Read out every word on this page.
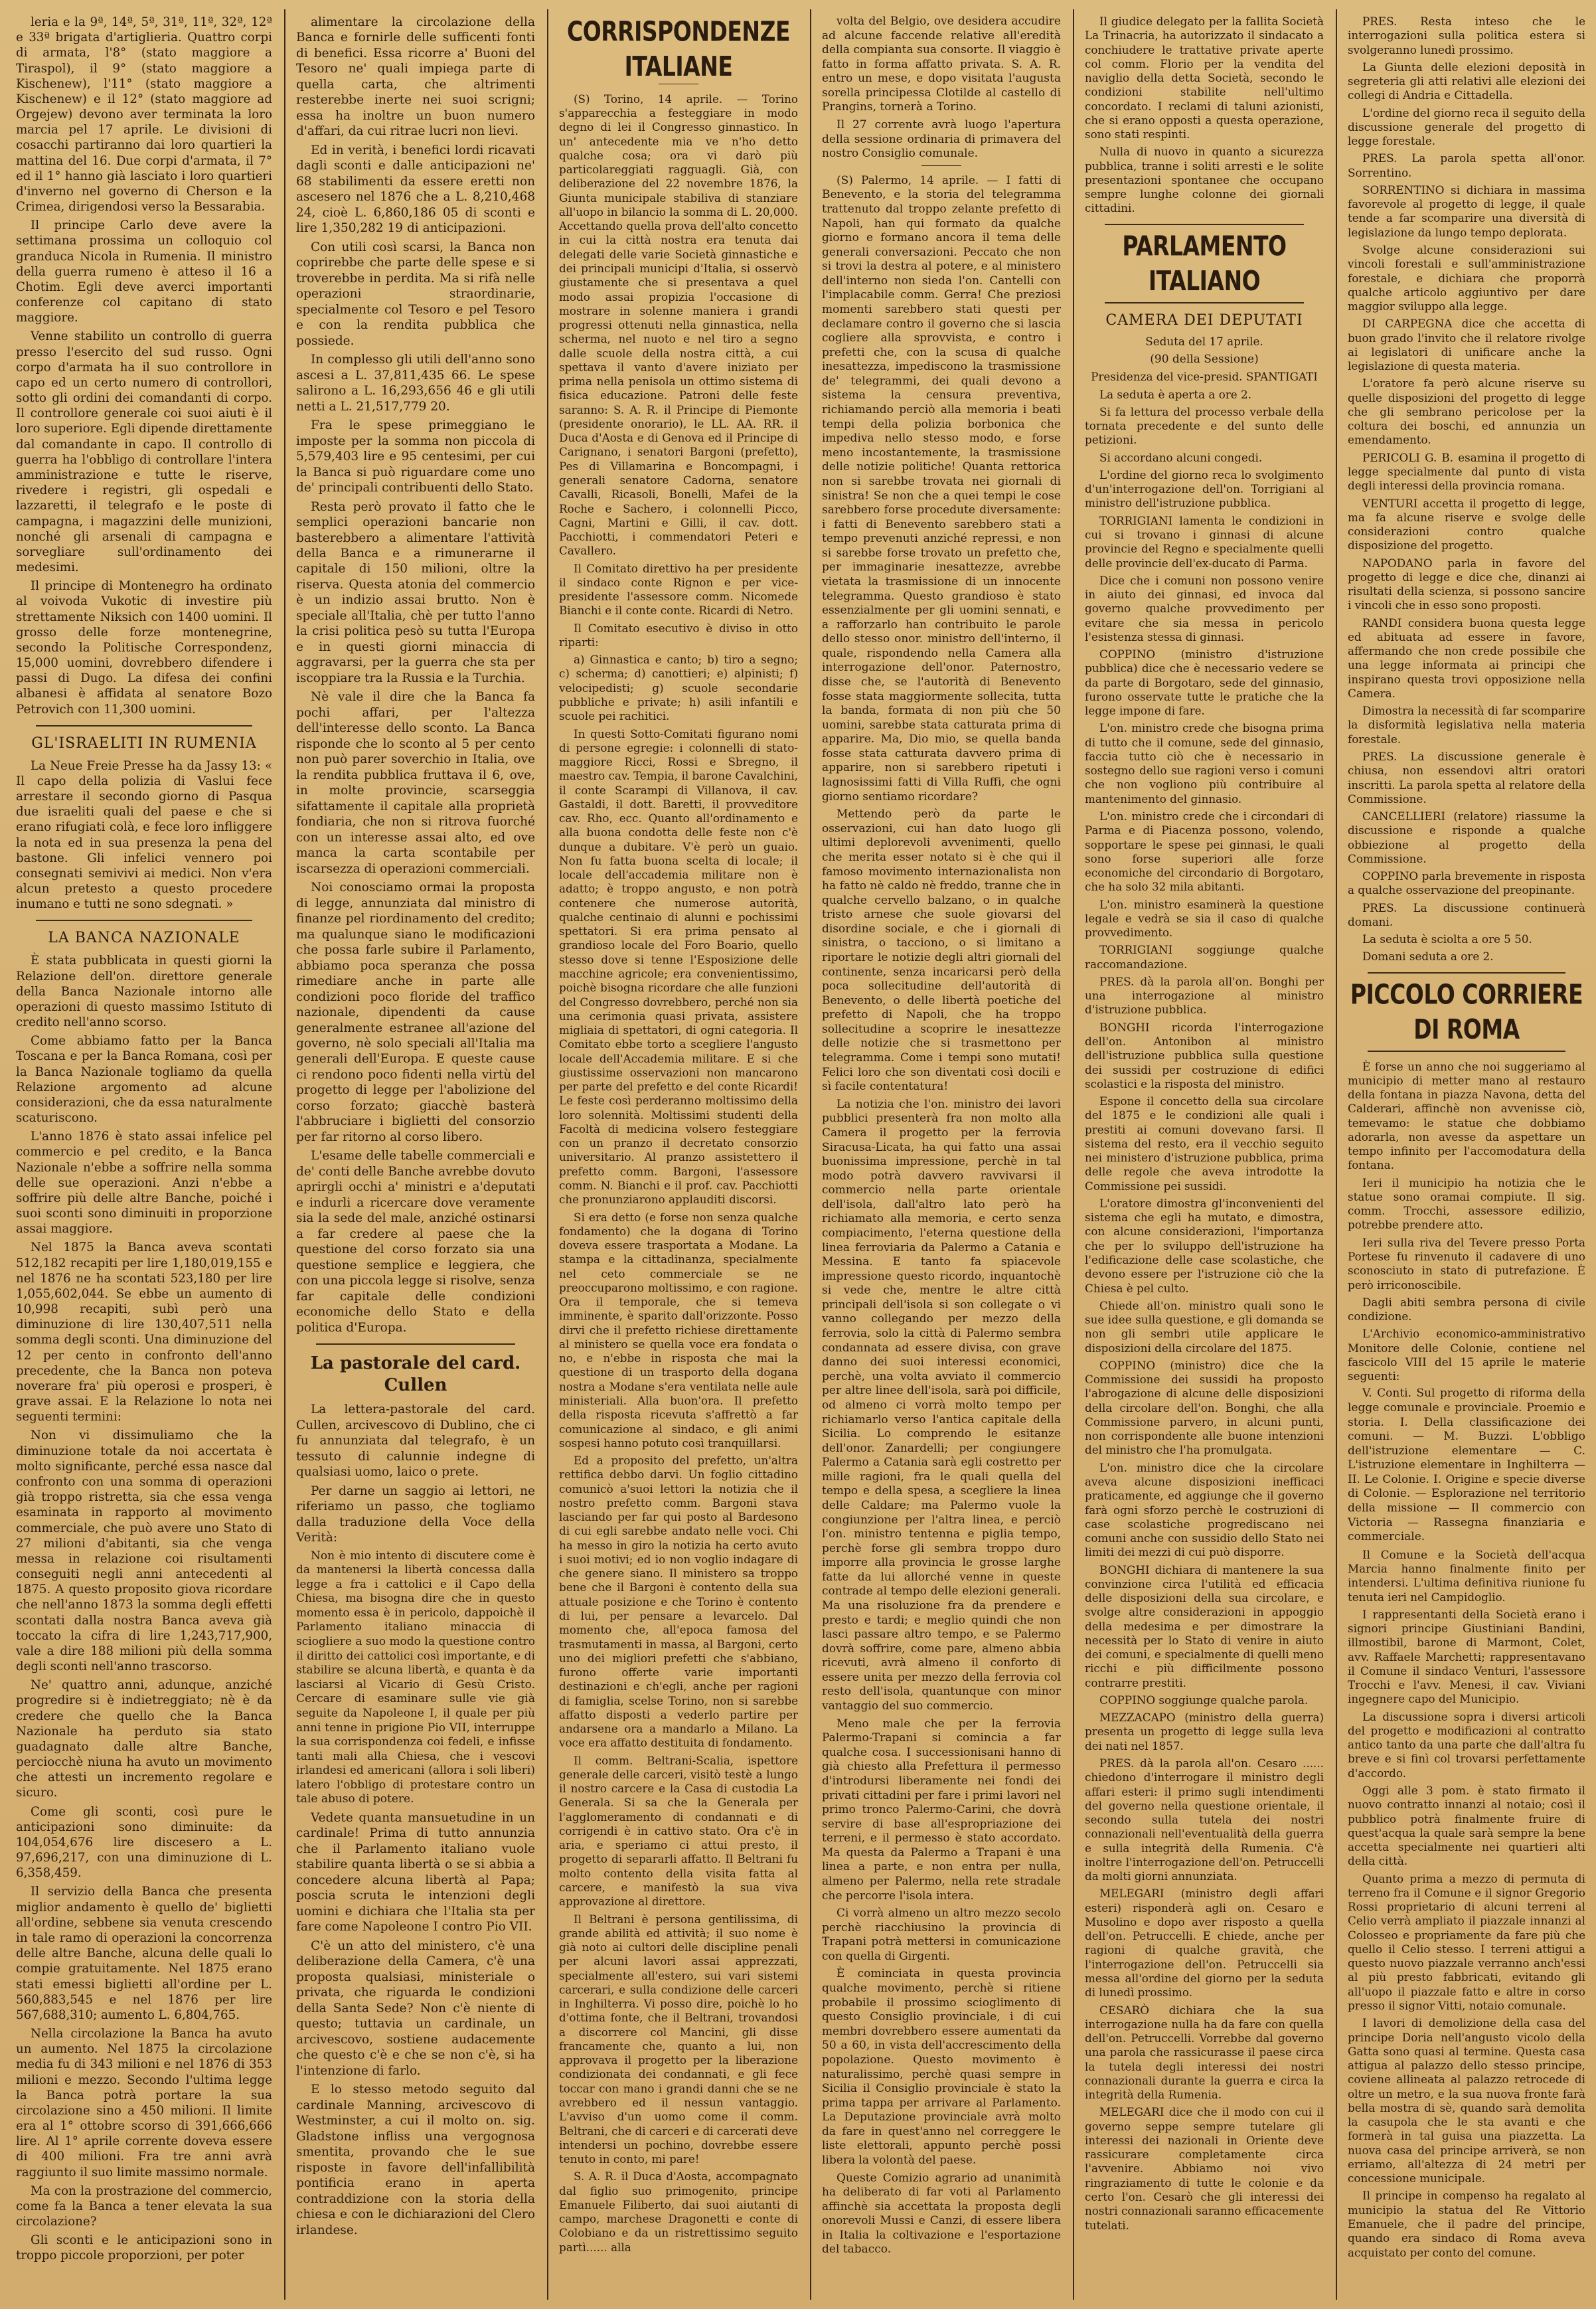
leria e la 9ª, 14ª, 5ª, 31ª, 11ª, 32ª, 12ª e 33ª brigata d'artiglieria. Quattro corpi di armata, l'8° (stato maggiore a Tiraspol), il 9° (stato maggiore a Kischenew), l'11° (stato maggiore a Kischenew) e il 12° (stato maggiore ad Orgejew) devono aver terminata la loro marcia pel 17 aprile. Le divisioni di cosacchi partiranno dai loro quartieri la mattina del 16. Due corpi d'armata, il 7° ed il 1° hanno già lasciato i loro quartieri d'inverno nel governo di Cherson e la Crimea, dirigendosi verso la Bessarabia.

Il principe Carlo deve avere la settimana prossima un colloquio col granduca Nicola in Rumenia. Il ministro della guerra rumeno è atteso il 16 a Chotim. Egli deve averci importanti conferenze col capitano di stato maggiore.

Venne stabilito un controllo di guerra presso l'esercito del sud russo. Ogni corpo d'armata ha il suo controllore in capo ed un certo numero di controllori, sotto gli ordini dei comandanti di corpo. Il controllore generale coi suoi aiuti è il loro superiore. Egli dipende direttamente dal comandante in capo. Il controllo di guerra ha l'obbligo di controllare l'intera amministrazione e tutte le riserve, rivedere i registri, gli ospedali e lazzaretti, il telegrafo e le poste di campagna, i magazzini delle munizioni, nonché gli arsenali di campagna e sorvegliare sull'ordinamento dei medesimi.

Il principe di Montenegro ha ordinato al voivoda Vukotic di investire più strettamente Niksich con 1400 uomini. Il grosso delle forze montenegrine, secondo la Politische Correspondenz, 15,000 uomini, dovrebbero difendere i passi di Dugo. La difesa dei confini albanesi è affidata al senatore Bozo Petrovich con 11,300 uomini.

GL'ISRAELITI IN RUMENIA

La Neue Freie Presse ha da Jassy 13: « Il capo della polizia di Vaslui fece arrestare il secondo giorno di Pasqua due israeliti quali del paese e che si erano rifugiati colà, e fece loro infliggere la nota ed in sua presenza la pena del bastone. Gli infelici vennero poi consegnati semivivi ai medici. Non v'era alcun pretesto a questo procedere inumano e tutti ne sono sdegnati. »

LA BANCA NAZIONALE

È stata pubblicata in questi giorni la Relazione dell'on. direttore generale della Banca Nazionale intorno alle operazioni di questo massimo Istituto di credito nell'anno scorso.

Come abbiamo fatto per la Banca Toscana e per la Banca Romana, così per la Banca Nazionale togliamo da quella Relazione argomento ad alcune considerazioni, che da essa naturalmente scaturiscono.

L'anno 1876 è stato assai infelice pel commercio e pel credito, e la Banca Nazionale n'ebbe a soffrire nella somma delle sue operazioni. Anzi n'ebbe a soffrire più delle altre Banche, poiché i suoi sconti sono diminuiti in proporzione assai maggiore.

Nel 1875 la Banca aveva scontati 512,182 recapiti per lire 1,180,019,155 e nel 1876 ne ha scontati 523,180 per lire 1,055,602,044. Se ebbe un aumento di 10,998 recapiti, subì però una diminuzione di lire 130,407,511 nella somma degli sconti. Una diminuzione del 12 per cento in confronto dell'anno precedente, che la Banca non poteva noverare fra' più operosi e prosperi, è grave assai. E la Relazione lo nota nei seguenti termini:

Non vi dissimuliamo che la diminuzione totale da noi accertata è molto significante, perché essa nasce dal confronto con una somma di operazioni già troppo ristretta, sia che essa venga esaminata in rapporto al movimento commerciale, che può avere uno Stato di 27 milioni d'abitanti, sia che venga messa in relazione coi risultamenti conseguiti negli anni antecedenti al 1875. A questo proposito giova ricordare che nell'anno 1873 la somma degli effetti scontati dalla nostra Banca aveva già toccato la cifra di lire 1,243,717,900, vale a dire 188 milioni più della somma degli sconti nell'anno trascorso.

Ne' quattro anni, adunque, anziché progredire si è indietreggiato; nè è da credere che quello che la Banca Nazionale ha perduto sia stato guadagnato dalle altre Banche, perciocchè niuna ha avuto un movimento che attesti un incremento regolare e sicuro.

Come gli sconti, così pure le anticipazioni sono diminuite: da 104,054,676 lire discesero a L. 97,696,217, con una diminuzione di L. 6,358,459.

Il servizio della Banca che presenta miglior andamento è quello de' biglietti all'ordine, sebbene sia venuta crescendo in tale ramo di operazioni la concorrenza delle altre Banche, alcuna delle quali lo compie gratuitamente. Nel 1875 erano stati emessi biglietti all'ordine per L. 560,883,545 e nel 1876 per lire 567,688,310; aumento L. 6,804,765.

Nella circolazione la Banca ha avuto un aumento. Nel 1875 la circolazione media fu di 343 milioni e nel 1876 di 353 milioni e mezzo. Secondo l'ultima legge la Banca potrà portare la sua circolazione sino a 450 milioni. Il limite era al 1° ottobre scorso di 391,666,666 lire. Al 1° aprile corrente doveva essere di 400 milioni. Fra tre anni avrà raggiunto il suo limite massimo normale.

Ma con la prostrazione del commercio, come fa la Banca a tener elevata la sua circolazione?

Gli sconti e le anticipazioni sono in troppo piccole proporzioni, per poter

alimentare la circolazione della Banca e fornirle delle sufficenti fonti di benefici. Essa ricorre a' Buoni del Tesoro ne' quali impiega parte di quella carta, che altrimenti resterebbe inerte nei suoi scrigni; essa ha inoltre un buon numero d'affari, da cui ritrae lucri non lievi.

Ed in verità, i benefici lordi ricavati dagli sconti e dalle anticipazioni ne' 68 stabilimenti da essere eretti non ascesero nel 1876 che a L. 8,210,468 24, cioè L. 6,860,186 05 di sconti e lire 1,350,282 19 di anticipazioni.

Con utili così scarsi, la Banca non coprirebbe che parte delle spese e si troverebbe in perdita. Ma si rifà nelle operazioni straordinarie, specialmente col Tesoro e pel Tesoro e con la rendita pubblica che possiede.

In complesso gli utili dell'anno sono ascesi a L. 37,811,435 66. Le spese salirono a L. 16,293,656 46 e gli utili netti a L. 21,517,779 20.

Fra le spese primeggiano le imposte per la somma non piccola di 5,579,403 lire e 95 centesimi, per cui la Banca si può riguardare come uno de' principali contribuenti dello Stato.

Resta però provato il fatto che le semplici operazioni bancarie non basterebbero a alimentare l'attività della Banca e a rimunerarne il capitale di 150 milioni, oltre la riserva. Questa atonia del commercio è un indizio assai brutto. Non è speciale all'Italia, chè per tutto l'anno la crisi politica pesò su tutta l'Europa e in questi giorni minaccia di aggravarsi, per la guerra che sta per iscoppiare tra la Russia e la Turchia.

Nè vale il dire che la Banca fa pochi affari, per l'altezza dell'interesse dello sconto. La Banca risponde che lo sconto al 5 per cento non può parer soverchio in Italia, ove la rendita pubblica fruttava il 6, ove, in molte provincie, scarseggia sifattamente il capitale alla proprietà fondiaria, che non si ritrova fuorché con un interesse assai alto, ed ove manca la carta scontabile per iscarsezza di operazioni commerciali.

Noi conosciamo ormai la proposta di legge, annunziata dal ministro di finanze pel riordinamento del credito; ma qualunque siano le modificazioni che possa farle subire il Parlamento, abbiamo poca speranza che possa rimediare anche in parte alle condizioni poco floride del traffico nazionale, dipendenti da cause generalmente estranee all'azione del governo, nè solo speciali all'Italia ma generali dell'Europa. E queste cause ci rendono poco fidenti nella virtù del progetto di legge per l'abolizione del corso forzato; giacchè basterà l'abbruciare i biglietti del consorzio per far ritorno al corso libero.

L'esame delle tabelle commerciali e de' conti delle Banche avrebbe dovuto aprirgli occhi a' ministri e a'deputati e indurli a ricercare dove veramente sia la sede del male, anziché ostinarsi a far credere al paese che la questione del corso forzato sia una questione semplice e leggiera, che con una piccola legge si risolve, senza far capitale delle condizioni economiche dello Stato e della politica d'Europa.

La pastorale del card. Cullen

La lettera-pastorale del card. Cullen, arcivescovo di Dublino, che ci fu annunziata dal telegrafo, è un tessuto di calunnie indegne di qualsiasi uomo, laico o prete.

Per darne un saggio ai lettori, ne riferiamo un passo, che togliamo dalla traduzione della Voce della Verità:

Non è mio intento di discutere come è da mantenersi la libertà concessa dalla legge a fra i cattolici e il Capo della Chiesa, ma bisogna dire che in questo momento essa è in pericolo, dappoichè il Parlamento italiano minaccia di sciogliere a suo modo la questione contro il diritto dei cattolici così importante, e di stabilire se alcuna libertà, e quanta è da lasciarsi al Vicario di Gesù Cristo. Cercare di esaminare sulle vie già seguite da Napoleone I, il quale per più anni tenne in prigione Pio VII, interruppe la sua corrispondenza coi fedeli, e infisse tanti mali alla Chiesa, che i vescovi irlandesi ed americani (allora i soli liberi) latero l'obbligo di protestare contro un tale abuso di potere.

Vedete quanta mansuetudine in un cardinale! Prima di tutto annunzia che il Parlamento italiano vuole stabilire quanta libertà o se si abbia a concedere alcuna libertà al Papa; poscia scruta le intenzioni degli uomini e dichiara che l'Italia sta per fare come Napoleone I contro Pio VII.

C'è un atto del ministero, c'è una deliberazione della Camera, c'è una proposta qualsiasi, ministeriale o privata, che riguarda le condizioni della Santa Sede? Non c'è niente di questo; tuttavia un cardinale, un arcivescovo, sostiene audacemente che questo c'è e che se non c'è, si ha l'intenzione di farlo.

E lo stesso metodo seguito dal cardinale Manning, arcivescovo di Westminster, a cui il molto on. sig. Gladstone infliss una vergognosa smentita, provando che le sue risposte in favore dell'infallibilità pontificia erano in aperta contraddizione con la storia della chiesa e con le dichiarazioni del Clero irlandese.

CORRISPONDENZE ITALIANE

(S) Torino, 14 aprile. — Torino s'apparecchia a festeggiare in modo degno di lei il Congresso ginnastico. In un' antecedente mia ve n'ho detto qualche cosa; ora vi darò più particolareggiati ragguagli. Già, con deliberazione del 22 novembre 1876, la Giunta municipale stabiliva di stanziare all'uopo in bilancio la somma di L. 20,000. Accettando quella prova dell'alto concetto in cui la città nostra era tenuta dai delegati delle varie Società ginnastiche e dei principali municipi d'Italia, si osservò giustamente che si presentava a quel modo assai propizia l'occasione di mostrare in solenne maniera i grandi progressi ottenuti nella ginnastica, nella scherma, nel nuoto e nel tiro a segno dalle scuole della nostra città, a cui spettava il vanto d'avere iniziato per prima nella penisola un ottimo sistema di fisica educazione. Patroni delle feste saranno: S. A. R. il Principe di Piemonte (presidente onorario), le LL. AA. RR. il Duca d'Aosta e di Genova ed il Principe di Carignano, i senatori Bargoni (prefetto), Pes di Villamarina e Boncompagni, i generali senatore Cadorna, senatore Cavalli, Ricasoli, Bonelli, Mafei de la Roche e Sachero, i colonnelli Picco, Cagni, Martini e Gilli, il cav. dott. Pacchiotti, i commendatori Peteri e Cavallero.

Il Comitato direttivo ha per presidente il sindaco conte Rignon e per vice-presidente l'assessore comm. Nicomede Bianchi e il conte conte. Ricardi di Netro.

Il Comitato esecutivo è diviso in otto riparti:

a) Ginnastica e canto; b) tiro a segno; c) scherma; d) canottieri; e) alpinisti; f) velocipedisti; g) scuole secondarie pubbliche e private; h) asili infantili e scuole pei rachitici.

In questi Sotto-Comitati figurano nomi di persone egregie: i colonnelli di stato-maggiore Ricci, Rossi e Sbregno, il maestro cav. Tempia, il barone Cavalchini, il conte Scarampi di Villanova, il cav. Gastaldi, il dott. Baretti, il provveditore cav. Rho, ecc. Quanto all'ordinamento e alla buona condotta delle feste non c'è dunque a dubitare. V'è però un guaio. Non fu fatta buona scelta di locale; il locale dell'accademia militare non è adatto; è troppo angusto, e non potrà contenere che numerose autorità, qualche centinaio di alunni e pochissimi spettatori. Si era prima pensato al grandioso locale del Foro Boario, quello stesso dove si tenne l'Esposizione delle macchine agricole; era convenientissimo, poichè bisogna ricordare che alle funzioni del Congresso dovrebbero, perché non sia una cerimonia quasi privata, assistere migliaia di spettatori, di ogni categoria. Il Comitato ebbe torto a scegliere l'angusto locale dell'Accademia militare. E si che giustissime osservazioni non mancarono per parte del prefetto e del conte Ricardi! Le feste così perderanno moltissimo della loro solennità. Moltissimi studenti della Facoltà di medicina volsero festeggiare con un pranzo il decretato consorzio universitario. Al pranzo assistettero il prefetto comm. Bargoni, l'assessore comm. N. Bianchi e il prof. cav. Pacchiotti che pronunziarono applauditi discorsi.

Si era detto (e forse non senza qualche fondamento) che la dogana di Torino doveva essere trasportata a Modane. La stampa e la cittadinanza, specialmente nel ceto commerciale se ne preoccuparono moltissimo, e con ragione. Ora il temporale, che si temeva imminente, è sparito dall'orizzonte. Posso dirvi che il prefetto richiese direttamente al ministero se quella voce era fondata o no, e n'ebbe in risposta che mai la questione di un trasporto della dogana nostra a Modane s'era ventilata nelle aule ministeriali. Alla buon'ora. Il prefetto della risposta ricevuta s'affrettò a far comunicazione al sindaco, e gli animi sospesi hanno potuto così tranquillarsi.

Ed a proposito del prefetto, un'altra rettifica debbo darvi. Un foglio cittadino comunicò a'suoi lettori la notizia che il nostro prefetto comm. Bargoni stava lasciando per far qui posto al Bardesono di cui egli sarebbe andato nelle voci. Chi ha messo in giro la notizia ha certo avuto i suoi motivi; ed io non voglio indagare di che genere siano. Il ministero sa troppo bene che il Bargoni è contento della sua attuale posizione e che Torino è contento di lui, per pensare a levarcelo. Dal momento che, all'epoca famosa del trasmutamenti in massa, al Bargoni, certo uno dei migliori prefetti che s'abbiano, furono offerte varie importanti destinazioni e ch'egli, anche per ragioni di famiglia, scelse Torino, non si sarebbe affatto disposti a vederlo partire per andarsene ora a mandarlo a Milano. La voce era affatto destituita di fondamento.

Il comm. Beltrani-Scalia, ispettore generale delle carceri, visitò testè a lungo il nostro carcere e la Casa di custodia La Generala. Si sa che la Generala per l'agglomeramento di condannati e di corrigendi è in cattivo stato. Ora c'è in aria, e speriamo ci attui presto, il progetto di separarli affatto. Il Beltrani fu molto contento della visita fatta al carcere, e manifestò la sua viva approvazione al direttore.

Il Beltrani è persona gentilissima, di grande abilità ed attività; il suo nome è già noto ai cultori delle discipline penali per alcuni lavori assai apprezzati, specialmente all'estero, sui vari sistemi carcerari, e sulla condizione delle carceri in Inghilterra. Vi posso dire, poichè lo ho d'ottima fonte, che il Beltrani, trovandosi a discorrere col Mancini, gli disse francamente che, quanto a lui, non approvava il progetto per la liberazione condizionata dei condannati, e gli fece toccar con mano i grandi danni che se ne avrebbero ed il nessun vantaggio. L'avviso d'un uomo come il comm. Beltrani, che di carceri e di carcerati deve intendersi un pochino, dovrebbe essere tenuto in conto, mi pare!

S. A. R. il Duca d'Aosta, accompagnato dal figlio suo primogenito, principe Emanuele Filiberto, dai suoi aiutanti di campo, marchese Dragonetti e conte di Colobiano e da un ristrettissimo seguito partì...... alla

volta del Belgio, ove desidera accudire ad alcune faccende relative all'eredità della compianta sua consorte. Il viaggio è fatto in forma affatto privata. S. A. R. entro un mese, e dopo visitata l'augusta sorella principessa Clotilde al castello di Prangins, tornerà a Torino.

Il 27 corrente avrà luogo l'apertura della sessione ordinaria di primavera del nostro Consiglio comunale.

(S) Palermo, 14 aprile. — I fatti di Benevento, e la storia del telegramma trattenuto dal troppo zelante prefetto di Napoli, han qui formato da qualche giorno e formano ancora il tema delle generali conversazioni. Peccato che non si trovi la destra al potere, e al ministero dell'interno non sieda l'on. Cantelli con l'implacabile comm. Gerra! Che preziosi momenti sarebbero stati questi per declamare contro il governo che si lascia cogliere alla sprovvista, e contro i prefetti che, con la scusa di qualche inesattezza, impediscono la trasmissione de' telegrammi, dei quali devono a sistema la censura preventiva, richiamando perciò alla memoria i beati tempi della polizia borbonica che impediva nello stesso modo, e forse meno incostantemente, la trasmissione delle notizie politiche! Quanta rettorica non si sarebbe trovata nei giornali di sinistra! Se non che a quei tempi le cose sarebbero forse procedute diversamente: i fatti di Benevento sarebbero stati a tempo prevenuti anziché repressi, e non si sarebbe forse trovato un prefetto che, per immaginarie inesattezze, avrebbe vietata la trasmissione di un innocente telegramma. Questo grandioso è stato essenzialmente per gli uomini sennati, e a rafforzarlo han contribuito le parole dello stesso onor. ministro dell'interno, il quale, rispondendo nella Camera alla interrogazione dell'onor. Paternostro, disse che, se l'autorità di Benevento fosse stata maggiormente sollecita, tutta la banda, formata di non più che 50 uomini, sarebbe stata catturata prima di apparire. Ma, Dio mio, se quella banda fosse stata catturata davvero prima di apparire, non si sarebbero ripetuti i lagnosissimi fatti di Villa Ruffi, che ogni giorno sentiamo ricordare?

Mettendo però da parte le osservazioni, cui han dato luogo gli ultimi deplorevoli avvenimenti, quello che merita esser notato si è che qui il famoso movimento internazionalista non ha fatto nè caldo nè freddo, tranne che in qualche cervello balzano, o in qualche tristo arnese che suole giovarsi del disordine sociale, e che i giornali di sinistra, o tacciono, o si limitano a riportare le notizie degli altri giornali del continente, senza incaricarsi però della poca sollecitudine dell'autorità di Benevento, o delle libertà poetiche del prefetto di Napoli, che ha troppo sollecitudine a scoprire le inesattezze delle notizie che si trasmettono per telegramma. Come i tempi sono mutati! Felici loro che son diventati così docili e sì facile contentatura!

La notizia che l'on. ministro dei lavori pubblici presenterà fra non molto alla Camera il progetto per la ferrovia Siracusa-Licata, ha qui fatto una assai buonissima impressione, perchè in tal modo potrà davvero ravvivarsi il commercio nella parte orientale dell'isola, dall'altro lato però ha richiamato alla memoria, e certo senza compiacimento, l'eterna questione della linea ferroviaria da Palermo a Catania e Messina. E tanto fa spiacevole impressione questo ricordo, inquantochè si vede che, mentre le altre città principali dell'isola si son collegate o vi vanno collegando per mezzo della ferrovia, solo la città di Palermo sembra condannata ad essere divisa, con grave danno dei suoi interessi economici, perchè, una volta avviato il commercio per altre linee dell'isola, sarà poi difficile, od almeno ci vorrà molto tempo per richiamarlo verso l'antica capitale della Sicilia. Lo comprendo le esitanze dell'onor. Zanardelli; per congiungere Palermo a Catania sarà egli costretto per mille ragioni, fra le quali quella del tempo e della spesa, a scegliere la linea delle Caldare; ma Palermo vuole la congiunzione per l'altra linea, e perciò l'on. ministro tentenna e piglia tempo, perchè forse gli sembra troppo duro imporre alla provincia le grosse larghe fatte da lui allorché venne in queste contrade al tempo delle elezioni generali. Ma una risoluzione fra da prendere e presto e tardi; e meglio quindi che non lasci passare altro tempo, e se Palermo dovrà soffrire, come pare, almeno abbia ricevuti, avrà almeno il conforto di essere unita per mezzo della ferrovia col resto dell'isola, quantunque con minor vantaggio del suo commercio.

Meno male che per la ferrovia Palermo-Trapani si comincia a far qualche cosa. I successionisani hanno di già chiesto alla Prefettura il permesso d'introdursi liberamente nei fondi dei privati cittadini per fare i primi lavori nel primo tronco Palermo-Carini, che dovrà servire di base all'espropriazione dei terreni, e il permesso è stato accordato. Ma questa da Palermo a Trapani è una linea a parte, e non entra per nulla, almeno per Palermo, nella rete stradale che percorre l'isola intera.

Ci vorrà almeno un altro mezzo secolo perchè riacchiusino la provincia di Trapani potrà mettersi in comunicazione con quella di Girgenti.

È cominciata in questa provincia qualche movimento, perchè si ritiene probabile il prossimo scioglimento di questo Consiglio provinciale, i di cui membri dovrebbero essere aumentati da 50 a 60, in vista dell'accrescimento della popolazione. Questo movimento è naturalissimo, perchè quasi sempre in Sicilia il Consiglio provinciale è stato la prima tappa per arrivare al Parlamento. La Deputazione provinciale avrà molto da fare in quest'anno nel correggere le liste elettorali, appunto perchè possi libera la volontà del paese.

Queste Comizio agrario ad unanimità ha deliberato di far voti al Parlamento affinchè sia accettata la proposta degli onorevoli Mussi e Canzi, di essere libera in Italia la coltivazione e l'esportazione del tabacco.

Il giudice delegato per la fallita Società La Trinacria, ha autorizzato il sindacato a conchiudere le trattative private aperte col comm. Florio per la vendita del naviglio della detta Società, secondo le condizioni stabilite nell'ultimo concordato. I reclami di taluni azionisti, che si erano opposti a questa operazione, sono stati respinti.

Nulla di nuovo in quanto a sicurezza pubblica, tranne i soliti arresti e le solite presentazioni spontanee che occupano sempre lunghe colonne dei giornali cittadini.

PARLAMENTO ITALIANO
CAMERA DEI DEPUTATI

Seduta del 17 aprile.

(90 della Sessione)

Presidenza del vice-presid. SPANTIGATI

La seduta è aperta a ore 2.

Si fa lettura del processo verbale della tornata precedente e del sunto delle petizioni.

Si accordano alcuni congedi.

L'ordine del giorno reca lo svolgimento d'un'interrogazione dell'on. Torrigiani al ministro dell'istruzione pubblica.

TORRIGIANI lamenta le condizioni in cui si trovano i ginnasi di alcune provincie del Regno e specialmente quelli delle provincie dell'ex-ducato di Parma.

Dice che i comuni non possono venire in aiuto dei ginnasi, ed invoca dal governo qualche provvedimento per evitare che sia messa in pericolo l'esistenza stessa di ginnasi.

COPPINO (ministro d'istruzione pubblica) dice che è necessario vedere se da parte di Borgotaro, sede del ginnasio, furono osservate tutte le pratiche che la legge impone di fare.

L'on. ministro crede che bisogna prima di tutto che il comune, sede del ginnasio, faccia tutto ciò che è necessario in sostegno dello sue ragioni verso i comuni che non vogliono più contribuire al mantenimento del ginnasio.

L'on. ministro crede che i circondari di Parma e di Piacenza possono, volendo, sopportare le spese pei ginnasi, le quali sono forse superiori alle forze economiche del circondario di Borgotaro, che ha solo 32 mila abitanti.

L'on. ministro esaminerà la questione legale e vedrà se sia il caso di qualche provvedimento.

TORRIGIANI soggiunge qualche raccomandazione.

PRES. dà la parola all'on. Bonghi per una interrogazione al ministro d'istruzione pubblica.

BONGHI ricorda l'interrogazione dell'on. Antonibon al ministro dell'istruzione pubblica sulla questione dei sussidi per costruzione di edifici scolastici e la risposta del ministro.

Espone il concetto della sua circolare del 1875 e le condizioni alle quali i prestiti ai comuni dovevano farsi. Il sistema del resto, era il vecchio seguito nei ministero d'istruzione pubblica, prima delle regole che aveva introdotte la Commissione pei sussidi.

L'oratore dimostra gl'inconvenienti del sistema che egli ha mutato, e dimostra, con alcune considerazioni, l'importanza che per lo sviluppo dell'istruzione ha l'edificazione delle case scolastiche, che devono essere per l'istruzione ciò che la Chiesa è pel culto.

Chiede all'on. ministro quali sono le sue idee sulla questione, e gli domanda se non gli sembri utile applicare le disposizioni della circolare del 1875.

COPPINO (ministro) dice che la Commissione dei sussidi ha proposto l'abrogazione di alcune delle disposizioni della circolare dell'on. Bonghi, che alla Commissione parvero, in alcuni punti, non corrispondente alle buone intenzioni del ministro che l'ha promulgata.

L'on. ministro dice che la circolare aveva alcune disposizioni inefficaci praticamente, ed aggiunge che il governo farà ogni sforzo perchè le costruzioni di case scolastiche progrediscano nei comuni anche con sussidio dello Stato nei limiti dei mezzi di cui può disporre.

BONGHI dichiara di mantenere la sua convinzione circa l'utilità ed efficacia delle disposizioni della sua circolare, e svolge altre considerazioni in appoggio della medesima e per dimostrare la necessità per lo Stato di venire in aiuto dei comuni, e specialmente di quelli meno ricchi e più difficilmente possono contrarre prestiti.

COPPINO soggiunge qualche parola.

MEZZACAPO (ministro della guerra) presenta un progetto di legge sulla leva dei nati nel 1857.

PRES. dà la parola all'on. Cesaro ...... chiedono d'interrogare il ministro degli affari esteri: il primo sugli intendimenti del governo nella questione orientale, il secondo sulla tutela dei nostri connazionali nell'eventualità della guerra e sulla integrità della Rumenia. C'è inoltre l'interrogazione dell'on. Petruccelli da molti giorni annunziata.

MELEGARI (ministro degli affari esteri) risponderà agli on. Cesaro e Musolino e dopo aver risposto a quella dell'on. Petruccelli. E chiede, anche per ragioni di qualche gravità, che l'interrogazione dell'on. Petruccelli sia messa all'ordine del giorno per la seduta di lunedì prossimo.

CESARÒ dichiara che la sua interrogazione nulla ha da fare con quella dell'on. Petruccelli. Vorrebbe dal governo una parola che rassicurasse il paese circa la tutela degli interessi dei nostri connazionali durante la guerra e circa la integrità della Rumenia.

MELEGARI dice che il modo con cui il governo seppe sempre tutelare gli interessi dei nazionali in Oriente deve rassicurare completamente circa l'avvenire. Abbiamo noi vivo ringraziamento di tutte le colonie e da certo l'on. Cesarò che gli interessi dei nostri connazionali saranno efficacemente tutelati.

PRES. Resta inteso che le interrogazioni sulla politica estera si svolgeranno lunedì prossimo.

La Giunta delle elezioni deposità in segreteria gli atti relativi alle elezioni dei collegi di Andria e Cittadella.

L'ordine del giorno reca il seguito della discussione generale del progetto di legge forestale.

PRES. La parola spetta all'onor. Sorrentino.

SORRENTINO si dichiara in massima favorevole al progetto di legge, il quale tende a far scomparire una diversità di legislazione da lungo tempo deplorata.

Svolge alcune considerazioni sui vincoli forestali e sull'amministrazione forestale, e dichiara che proporrà qualche articolo aggiuntivo per dare maggior sviluppo alla legge.

DI CARPEGNA dice che accetta di buon grado l'invito che il relatore rivolge ai legislatori di unificare anche la legislazione di questa materia.

L'oratore fa però alcune riserve su quelle disposizioni del progetto di legge che gli sembrano pericolose per la coltura dei boschi, ed annunzia un emendamento.

PERICOLI G. B. esamina il progetto di legge specialmente dal punto di vista degli interessi della provincia romana.

VENTURI accetta il progetto di legge, ma fa alcune riserve e svolge delle considerazioni contro qualche disposizione del progetto.

NAPODANO parla in favore del progetto di legge e dice che, dinanzi ai risultati della scienza, si possono sancire i vincoli che in esso sono proposti.

RANDI considera buona questa legge ed abituata ad essere in favore, affermando che non crede possibile che una legge informata ai principi che inspirano questa trovi opposizione nella Camera.

Dimostra la necessità di far scomparire la disformità legislativa nella materia forestale.

PRES. La discussione generale è chiusa, non essendovi altri oratori inscritti. La parola spetta al relatore della Commissione.

CANCELLIERI (relatore) riassume la discussione e risponde a qualche obbiezione al progetto della Commissione.

COPPINO parla brevemente in risposta a qualche osservazione del preopinante.

PRES. La discussione continuerà domani.

La seduta è sciolta a ore 5 50.

Domani seduta a ore 2.

PICCOLO CORRIERE DI ROMA

È forse un anno che noi suggeriamo al municipio di metter mano al restauro della fontana in piazza Navona, detta del Calderari, affinchè non avvenisse ciò, temevamo: le statue che dobbiamo adorarla, non avesse da aspettare un tempo infinito per l'accomodatura della fontana.

Ieri il municipio ha notizia che le statue sono oramai compiute. Il sig. comm. Trocchi, assessore edilizio, potrebbe prendere atto.

Ieri sulla riva del Tevere presso Porta Portese fu rinvenuto il cadavere di uno sconosciuto in stato di putrefazione. È però irriconoscibile.

Dagli abiti sembra persona di civile condizione.

L'Archivio economico-amministrativo Monitore delle Colonie, contiene nel fascicolo VIII del 15 aprile le materie seguenti:

V. Conti. Sul progetto di riforma della legge comunale e provinciale. Proemio e storia. I. Della classificazione dei comuni. — M. Buzzi. L'obbligo dell'istruzione elementare — C. L'istruzione elementare in Inghilterra — II. Le Colonie. I. Origine e specie diverse di Colonie. — Esplorazione nel territorio della missione — Il commercio con Victoria — Rassegna finanziaria e commerciale.

Il Comune e la Società dell'acqua Marcia hanno finalmente finito per intendersi. L'ultima definitiva riunione fu tenuta ieri nel Campidoglio.

I rappresentanti della Società erano i signori principe Giustiniani Bandini, illmostibil, barone di Marmont, Colet, avv. Raffaele Marchetti; rappresentavano il Comune il sindaco Venturi, l'assessore Trocchi e l'avv. Menesi, il cav. Viviani ingegnere capo del Municipio.

La discussione sopra i diversi articoli del progetto e modificazioni al contratto antico tanto da una parte che dall'altra fu breve e si finì col trovarsi perfettamente d'accordo.

Oggi alle 3 pom. è stato firmato il nuovo contratto innanzi al notaio; così il pubblico potrà finalmente fruire di quest'acqua la quale sarà sempre la bene accetta specialmente nei quartieri alti della città.

Quanto prima a mezzo di permuta di terreno fra il Comune e il signor Gregorio Rossi proprietario di alcuni terreni al Celio verrà ampliato il piazzale innanzi al Colosseo e propriamente da fare più che quello il Celio stesso. I terreni attigui a questo nuovo piazzale verranno anch'essi al più presto fabbricati, evitando gli all'uopo il piazzale fatto e altre in corso presso il signor Vitti, notaio comunale.

I lavori di demolizione della casa del principe Doria nell'angusto vicolo della Gatta sono quasi al termine. Questa casa attigua al palazzo dello stesso principe, coviene allineata al palazzo retrocede di oltre un metro, e la sua nuova fronte farà bella mostra di sè, quando sarà demolita la casupola che le sta avanti e che formerà in tal guisa una piazzetta. La nuova casa del principe arriverà, se non erriamo, all'altezza di 24 metri per concessione municipale.

Il principe in compenso ha regalato al municipio la statua del Re Vittorio Emanuele, che il padre del principe, quando era sindaco di Roma aveva acquistato per conto del comune.
